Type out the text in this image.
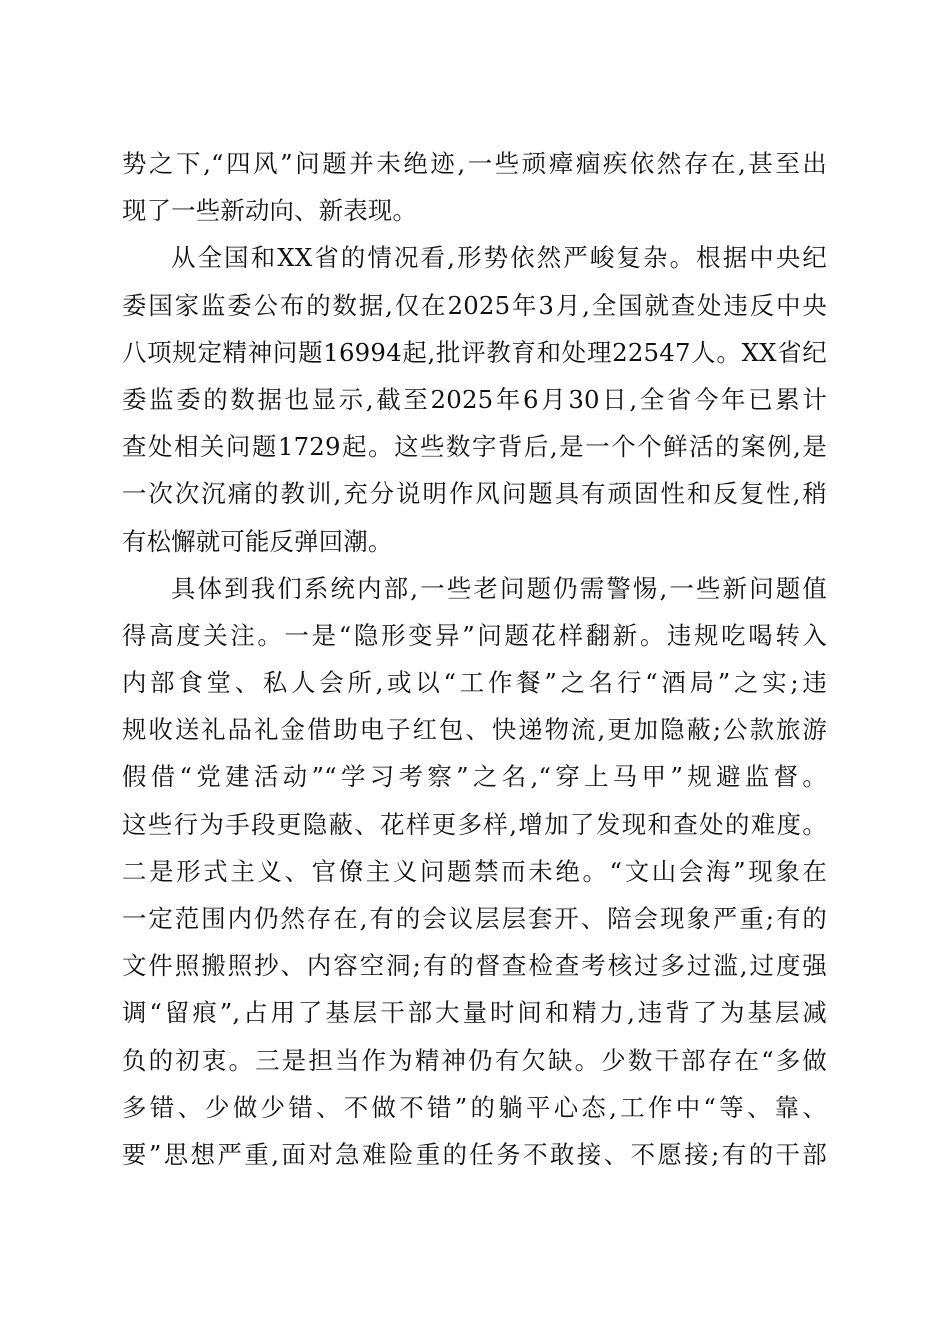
势之下,“四风”问题并未绝迹,一些顽瘴痼疾依然存在,甚至出
现了一些新动向、新表现。
从全国和XX省的情况看,形势依然严峻复杂。根据中央纪
委国家监委公布的数据,仅在2025年3月,全国就查处违反中央
八项规定精神问题16994起,批评教育和处理22547人。XX省纪
委监委的数据也显示,截至2025年6月30日,全省今年已累计
查处相关问题1729起。这些数字背后,是一个个鲜活的案例,是
一次次沉痛的教训,充分说明作风问题具有顽固性和反复性,稍
有松懈就可能反弹回潮。
具体到我们系统内部,一些老问题仍需警惕,一些新问题值
得高度关注。一是“隐形变异”问题花样翻新。违规吃喝转入
内部食堂、私人会所,或以“工作餐”之名行“酒局”之实;违
规收送礼品礼金借助电子红包、快递物流,更加隐蔽;公款旅游
假借“党建活动”“学习考察”之名,“穿上马甲”规避监督。
这些行为手段更隐蔽、花样更多样,增加了发现和查处的难度。
二是形式主义、官僚主义问题禁而未绝。“文山会海”现象在
一定范围内仍然存在,有的会议层层套开、陪会现象严重;有的
文件照搬照抄、内容空洞;有的督查检查考核过多过滥,过度强
调“留痕”,占用了基层干部大量时间和精力,违背了为基层减
负的初衷。三是担当作为精神仍有欠缺。少数干部存在“多做
多错、少做少错、不做不错”的躺平心态,工作中“等、靠、
要”思想严重,面对急难险重的任务不敢接、不愿接;有的干部
